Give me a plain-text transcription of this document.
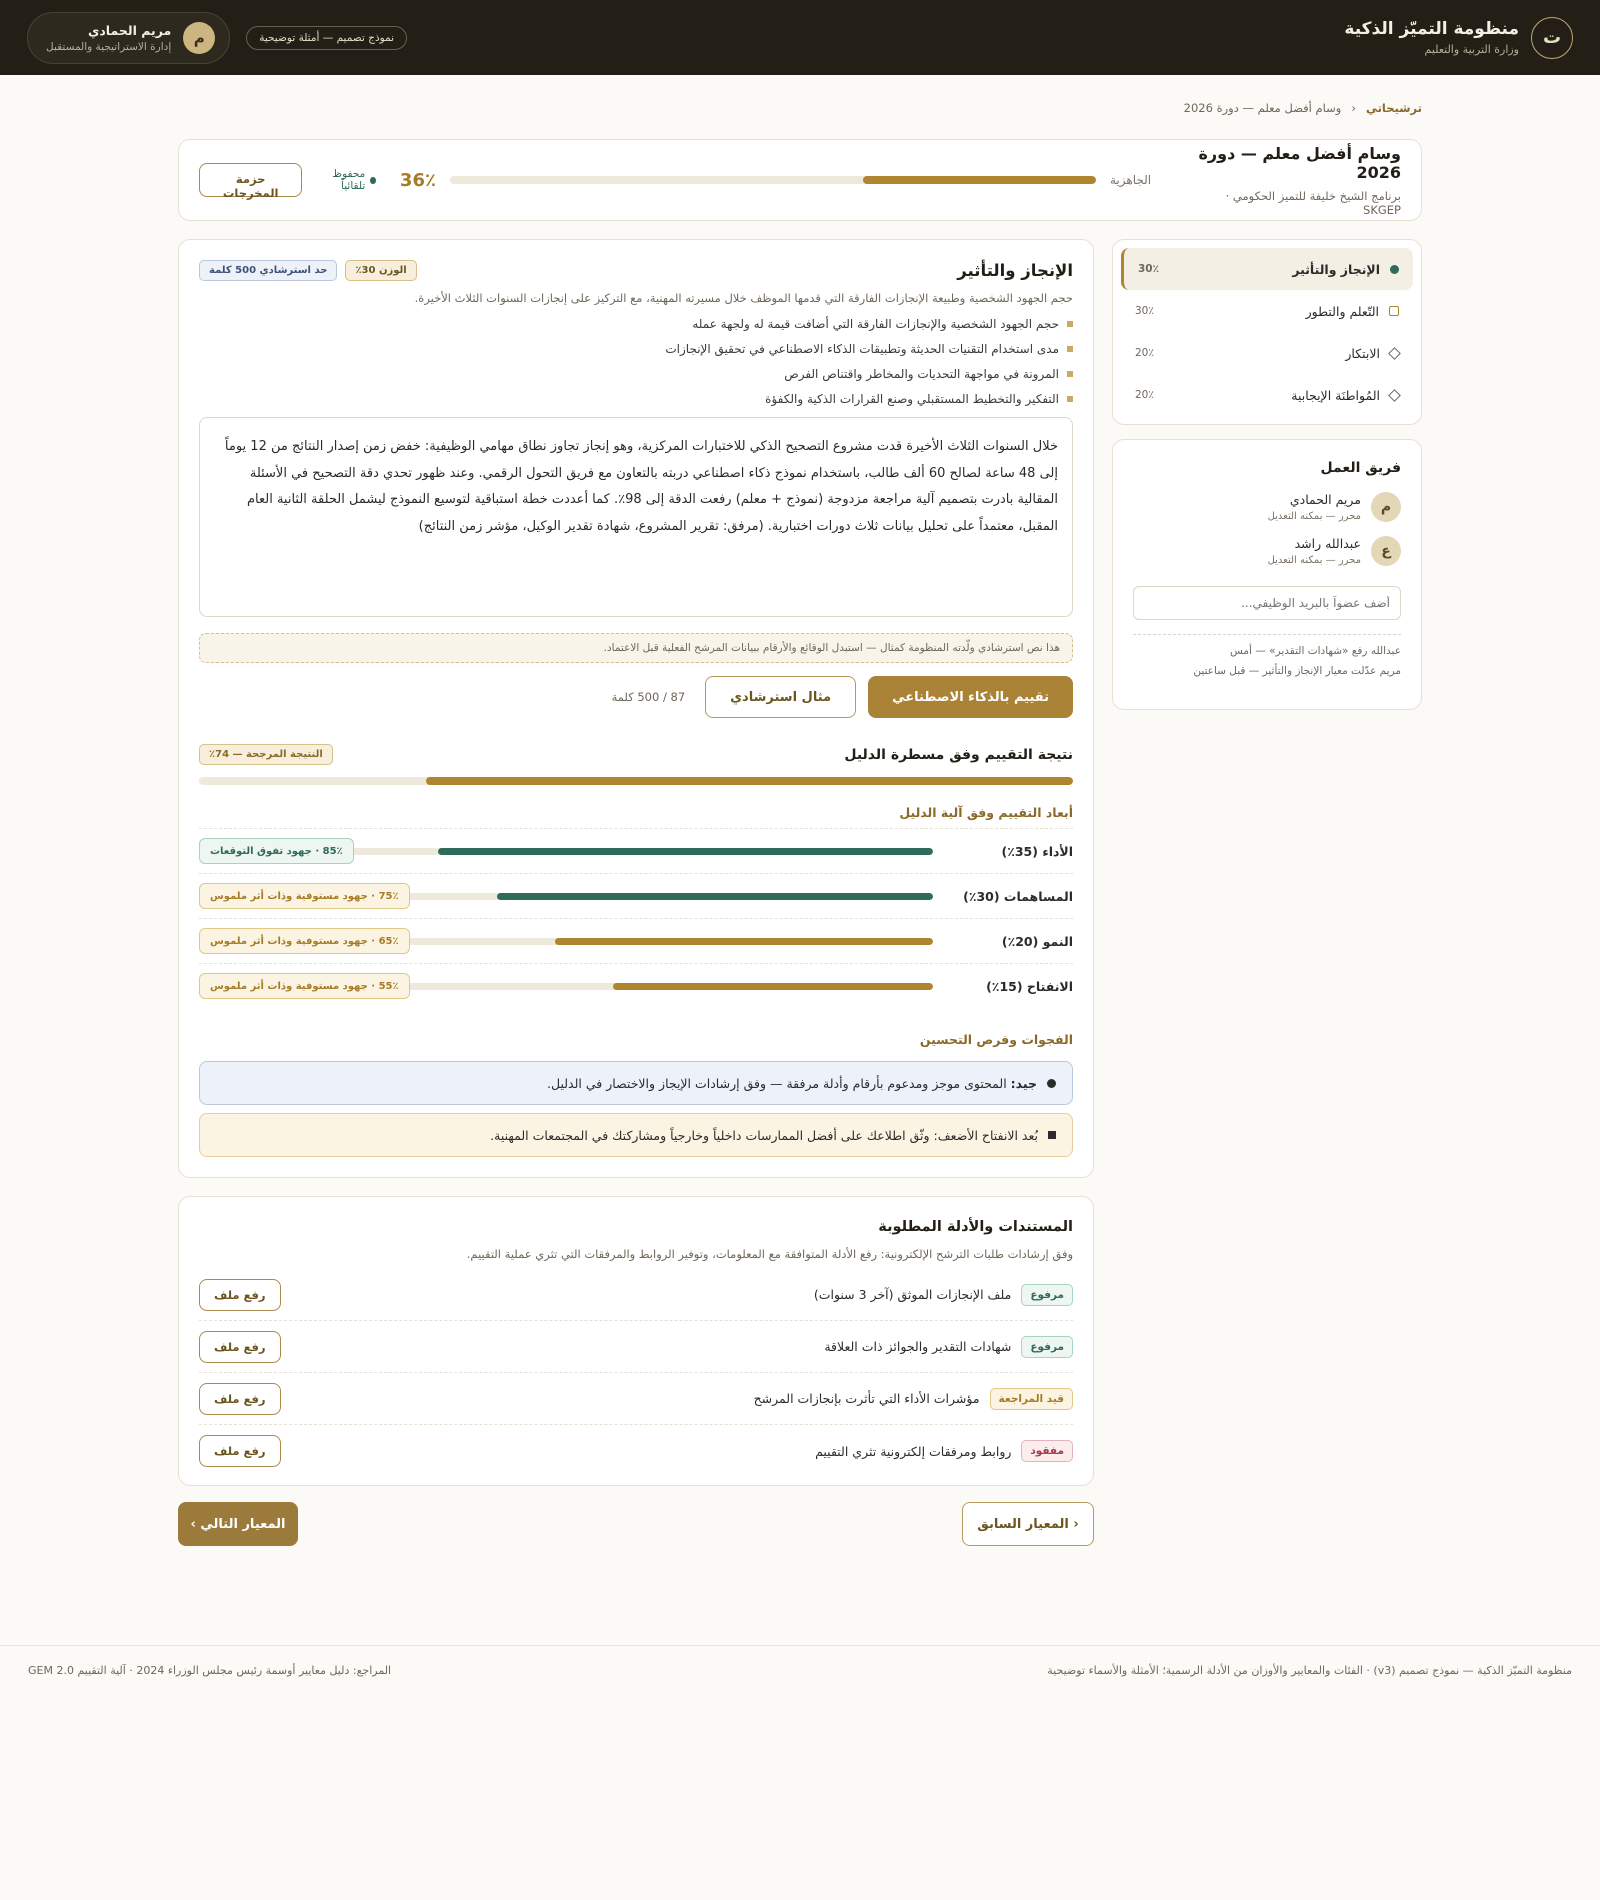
ت
منظومة التميّز الذكية
وزارة التربية والتعليم
م
مريم الحمادي
إدارة الاستراتيجية والمستقبل
نموذج تصميم — أمثلة توضيحية
ترشيحاتي
‹
وسام أفضل معلم — دورة 2026
وسام أفضل معلم — دورة 2026
برنامج الشيخ خليفة للتميز الحكومي · SKGEP
الجاهزية
36٪
محفوظ تلقائياً
حزمة المخرجات
الإنجاز والتأثير
30٪
التّعلم والتطور
30٪
الابتكار
20٪
المُواطنَة الإيجابية
20٪
فريق العمل
م
مريم الحمادي
محرر — بمكنه التعديل
ع
عبدالله راشد
محرر — بمكنه التعديل
أضف عضواً بالبريد الوظيفي...
عبدالله رفع «شهادات التقدير» — أمس
مريم عدّلت معيار الإنجاز والتأثير — قبل ساعتين
الإنجاز والتأثير
الوزن 30٪
حد استرشادي 500 كلمة

حجم الجهود الشخصية وطبيعة الإنجازات الفارقة التي قدمها الموظف خلال مسيرته المهنية، مع التركيز على إنجازات السنوات الثلاث الأخيرة.

حجم الجهود الشخصية والإنجازات الفارقة التي أضافت قيمة له ولجهة عمله
مدى استخدام التقنيات الحديثة وتطبيقات الذكاء الاصطناعي في تحقيق الإنجازات
المرونة في مواجهة التحديات والمخاطر واقتناص الفرص
التفكير والتخطيط المستقبلي وصنع القرارات الذكية والكفؤة
خلال السنوات الثلاث الأخيرة قدت مشروع التصحيح الذكي للاختبارات المركزية، وهو إنجاز تجاوز نطاق مهامي الوظيفية: خفض زمن إصدار النتائج من 12 يوماً إلى 48 ساعة لصالح 60 ألف طالب، باستخدام نموذج ذكاء اصطناعي دربته بالتعاون مع فريق التحول الرقمي. وعند ظهور تحدي دقة التصحيح في الأسئلة المقالية بادرت بتصميم آلية مراجعة مزدوجة (نموذج + معلم) رفعت الدقة إلى 98٪. كما أعددت خطة استباقية لتوسيع النموذج ليشمل الحلقة الثانية العام المقبل، معتمداً على تحليل بيانات ثلاث دورات اختبارية. (مرفق: تقرير المشروع، شهادة تقدير الوكيل، مؤشر زمن النتائج)
هذا نص استرشادي ولّدته المنظومة كمثال — استبدل الوقائع والأرقام ببيانات المرشح الفعلية قبل الاعتماد.
تقييم بالذكاء الاصطناعي
مثال استرشادي
87 / 500 كلمة
نتيجة التقييم وفق مسطرة الدليل
النتيجة المرجحة — 74٪
أبعاد التقييم وفق آلية الدليل
الأداء (35٪)
85٪ · جهود تفوق التوقعات
المساهمات (30٪)
75٪ · جهود مستوفية وذات أثر ملموس
النمو (20٪)
65٪ · جهود مستوفية وذات أثر ملموس
الانفتاح (15٪)
55٪ · جهود مستوفية وذات أثر ملموس
الفجوات وفرص التحسين
جيد: المحتوى موجز ومدعوم بأرقام وأدلة مرفقة — وفق إرشادات الإيجاز والاختصار في الدليل.
بُعد الانفتاح الأضعف: وثّق اطلاعك على أفضل الممارسات داخلياً وخارجياً ومشاركتك في المجتمعات المهنية.
المستندات والأدلة المطلوبة

وفق إرشادات طلبات الترشح الإلكترونية: رفع الأدلة المتوافقة مع المعلومات، وتوفير الروابط والمرفقات التي تثري عملية التقييم.

مرفوع
ملف الإنجازات الموثق (آخر 3 سنوات)
رفع ملف
مرفوع
شهادات التقدير والجوائز ذات العلاقة
رفع ملف
قيد المراجعة
مؤشرات الأداء التي تأثرت بإنجازات المرشح
رفع ملف
مفقود
روابط ومرفقات إلكترونية تثري التقييم
رفع ملف
‹ المعيار السابق
المعيار التالي ›
منظومة التميّز الذكية — نموذج تصميم (v3) · الفئات والمعايير والأوزان من الأدلة الرسمية؛ الأمثلة والأسماء توضيحية
المراجع: دليل معايير أوسمة رئيس مجلس الوزراء 2024 · آلية التقييم GEM 2.0
